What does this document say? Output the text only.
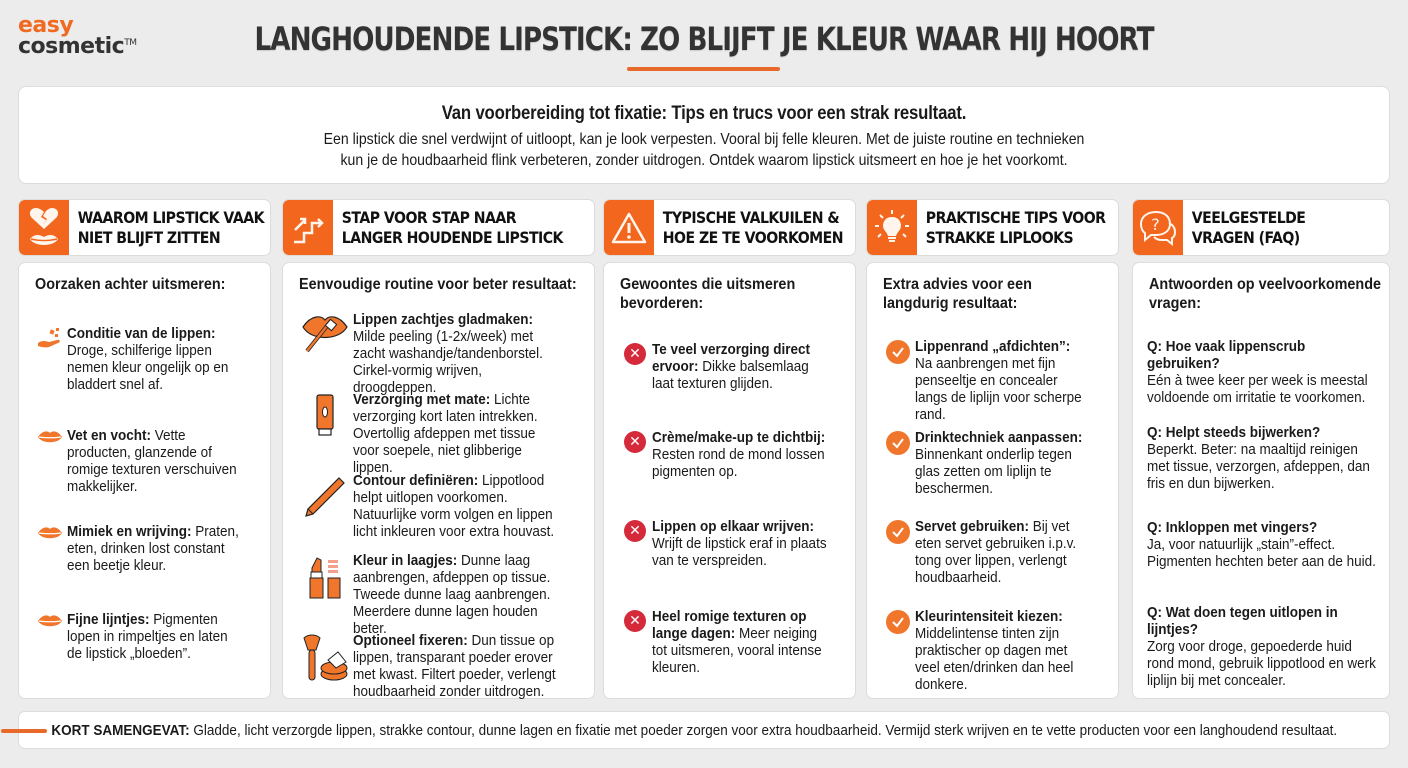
easy
cosmetic™	LANGHOUDENDE LIPSTICK: ZO BLIJFT JE KLEUR WAAR HIJ HOORT
Van voorbereiding tot fixatie: Tips en trucs voor een strak resultaat.
Een lipstick die snel verdwijnt of uitloopt, kan je look verpesten. Vooral bij felle kleuren. Met de juiste routine en technieken
kun je de houdbaarheid flink verbeteren, zonder uitdrogen. Ontdek waarom lipstick uitsmeert en hoe je het voorkomt.
WAAROM LIPSTICK VAAK
NIET BLIJFT ZITTEN
Oorzaken achter uitsmeren:
Conditie van de lippen: Droge, schilferige lippen nemen kleur ongelijk op en bladdert snel af.
Vet en vocht: Vette producten, glanzende of romige texturen verschuiven makkelijker.
Mimiek en wrijving: Praten, eten, drinken lost constant een beetje kleur.
Fijne lijntjes: Pigmenten lopen in rimpeltjes en laten de lipstick „bloeden”.
STAP VOOR STAP NAAR
LANGER HOUDENDE LIPSTICK
Eenvoudige routine voor beter resultaat:
Lippen zachtjes gladmaken: Milde peeling (1-2x/week) met zacht washandje/tandenborstel. Cirkel-vormig wrijven, droogdeppen.
Verzorging met mate: Lichte verzorging kort laten intrekken. Overtollig afdeppen met tissue voor soepele, niet glibberige lippen.
Contour definiëren: Lippotlood helpt uitlopen voorkomen. Natuurlijke vorm volgen en lippen licht inkleuren voor extra houvast.
Kleur in laagjes: Dunne laag aanbrengen, afdeppen op tissue. Tweede dunne laag aanbrengen. Meerdere dunne lagen houden beter.
Optioneel fixeren: Dun tissue op lippen, transparant poeder erover met kwast. Filtert poeder, verlengt houdbaarheid zonder uitdrogen.
TYPISCHE VALKUILEN &
HOE ZE TE VOORKOMEN
Gewoontes die uitsmeren bevorderen:
✕ Te veel verzorging direct ervoor: Dikke balsemlaag laat texturen glijden.
✕ Crème/make-up te dichtbij: Resten rond de mond lossen pigmenten op.
✕ Lippen op elkaar wrijven: Wrijft de lipstick eraf in plaats van te verspreiden.
✕ Heel romige texturen op lange dagen: Meer neiging tot uitsmeren, vooral intense kleuren.
PRAKTISCHE TIPS VOOR
STRAKKE LIPLOOKS
Extra advies voor een langdurig resultaat:
Lippenrand „afdichten”: Na aanbrengen met fijn penseeltje en concealer langs de liplijn voor scherpe rand.
Drinktechniek aanpassen: Binnenkant onderlip tegen glas zetten om liplijn te beschermen.
Servet gebruiken: Bij vet eten servet gebruiken i.p.v. tong over lippen, verlengt houdbaarheid.
Kleurintensiteit kiezen: Middelintense tinten zijn praktischer op dagen met veel eten/drinken dan heel donkere.
? VEELGESTELDE
VRAGEN (FAQ)
Antwoorden op veelvoorkomende vragen:
Q: Hoe vaak lippenscrub gebruiken?
Eén à twee keer per week is meestal voldoende om irritatie te voorkomen.
Q: Helpt steeds bijwerken?
Beperkt. Beter: na maaltijd reinigen met tissue, verzorgen, afdeppen, dan fris en dun bijwerken.
Q: Inkloppen met vingers?
Ja, voor natuurlijk „stain”-effect. Pigmenten hechten beter aan de huid.
Q: Wat doen tegen uitlopen in lijntjes?
Zorg voor droge, gepoederde huid rond mond, gebruik lippotlood en werk liplijn bij met concealer.
KORT SAMENGEVAT: Gladde, licht verzorgde lippen, strakke contour, dunne lagen en fixatie met poeder zorgen voor extra houdbaarheid. Vermijd sterk wrijven en te vette producten voor een langhoudend resultaat.
